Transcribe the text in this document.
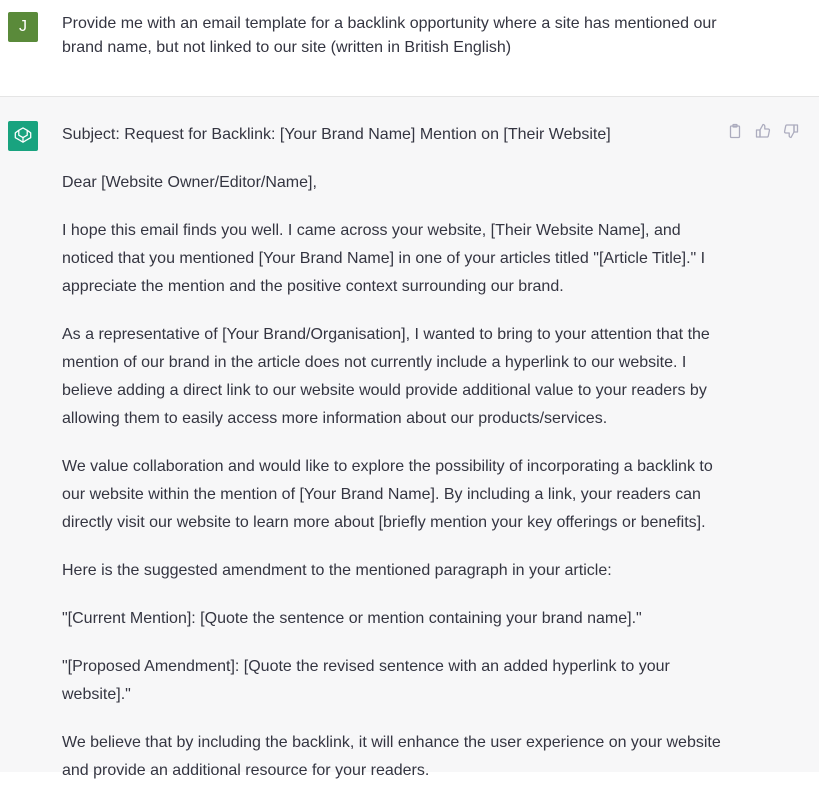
J	Provide me with an email template for a backlink opportunity where a site has mentioned our brand name, but not linked to our site (written in British English)

Subject: Request for Backlink: [Your Brand Name] Mention on [Their Website]

Dear [Website Owner/Editor/Name],

I hope this email finds you well. I came across your website, [Their Website Name], and noticed that you mentioned [Your Brand Name] in one of your articles titled "[Article Title]." I appreciate the mention and the positive context surrounding our brand.

As a representative of [Your Brand/Organisation], I wanted to bring to your attention that the mention of our brand in the article does not currently include a hyperlink to our website. I believe adding a direct link to our website would provide additional value to your readers by allowing them to easily access more information about our products/services.

We value collaboration and would like to explore the possibility of incorporating a backlink to our website within the mention of [Your Brand Name]. By including a link, your readers can directly visit our website to learn more about [briefly mention your key offerings or benefits].

Here is the suggested amendment to the mentioned paragraph in your article:

"[Current Mention]: [Quote the sentence or mention containing your brand name]."

"[Proposed Amendment]: [Quote the revised sentence with an added hyperlink to your website]."

We believe that by including the backlink, it will enhance the user experience on your website and provide an additional resource for your readers.
